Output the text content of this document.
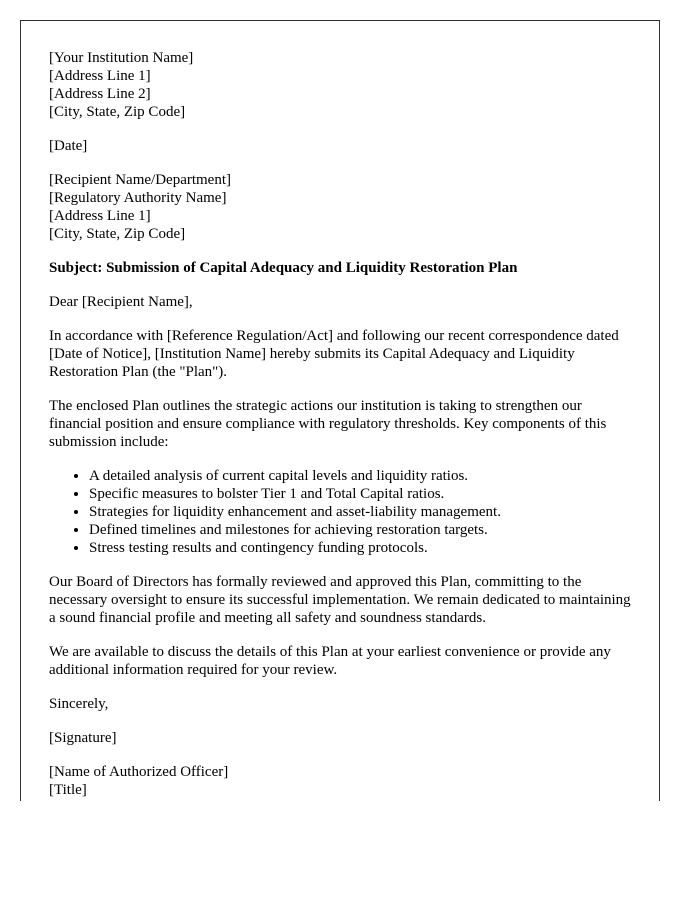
[Your Institution Name]
[Address Line 1]
[Address Line 2]
[City, State, Zip Code]

[Date]

[Recipient Name/Department]
[Regulatory Authority Name]
[Address Line 1]
[City, State, Zip Code]

Subject: Submission of Capital Adequacy and Liquidity Restoration Plan

Dear [Recipient Name],

In accordance with [Reference Regulation/Act] and following our recent correspondence dated [Date of Notice], [Institution Name] hereby submits its Capital Adequacy and Liquidity Restoration Plan (the "Plan").

The enclosed Plan outlines the strategic actions our institution is taking to strengthen our financial position and ensure compliance with regulatory thresholds. Key components of this submission include:

• A detailed analysis of current capital levels and liquidity ratios.
• Specific measures to bolster Tier 1 and Total Capital ratios.
• Strategies for liquidity enhancement and asset-liability management.
• Defined timelines and milestones for achieving restoration targets.
• Stress testing results and contingency funding protocols.

Our Board of Directors has formally reviewed and approved this Plan, committing to the necessary oversight to ensure its successful implementation. We remain dedicated to maintaining a sound financial profile and meeting all safety and soundness standards.

We are available to discuss the details of this Plan at your earliest convenience or provide any additional information required for your review.

Sincerely,

[Signature]

[Name of Authorized Officer]
[Title]
